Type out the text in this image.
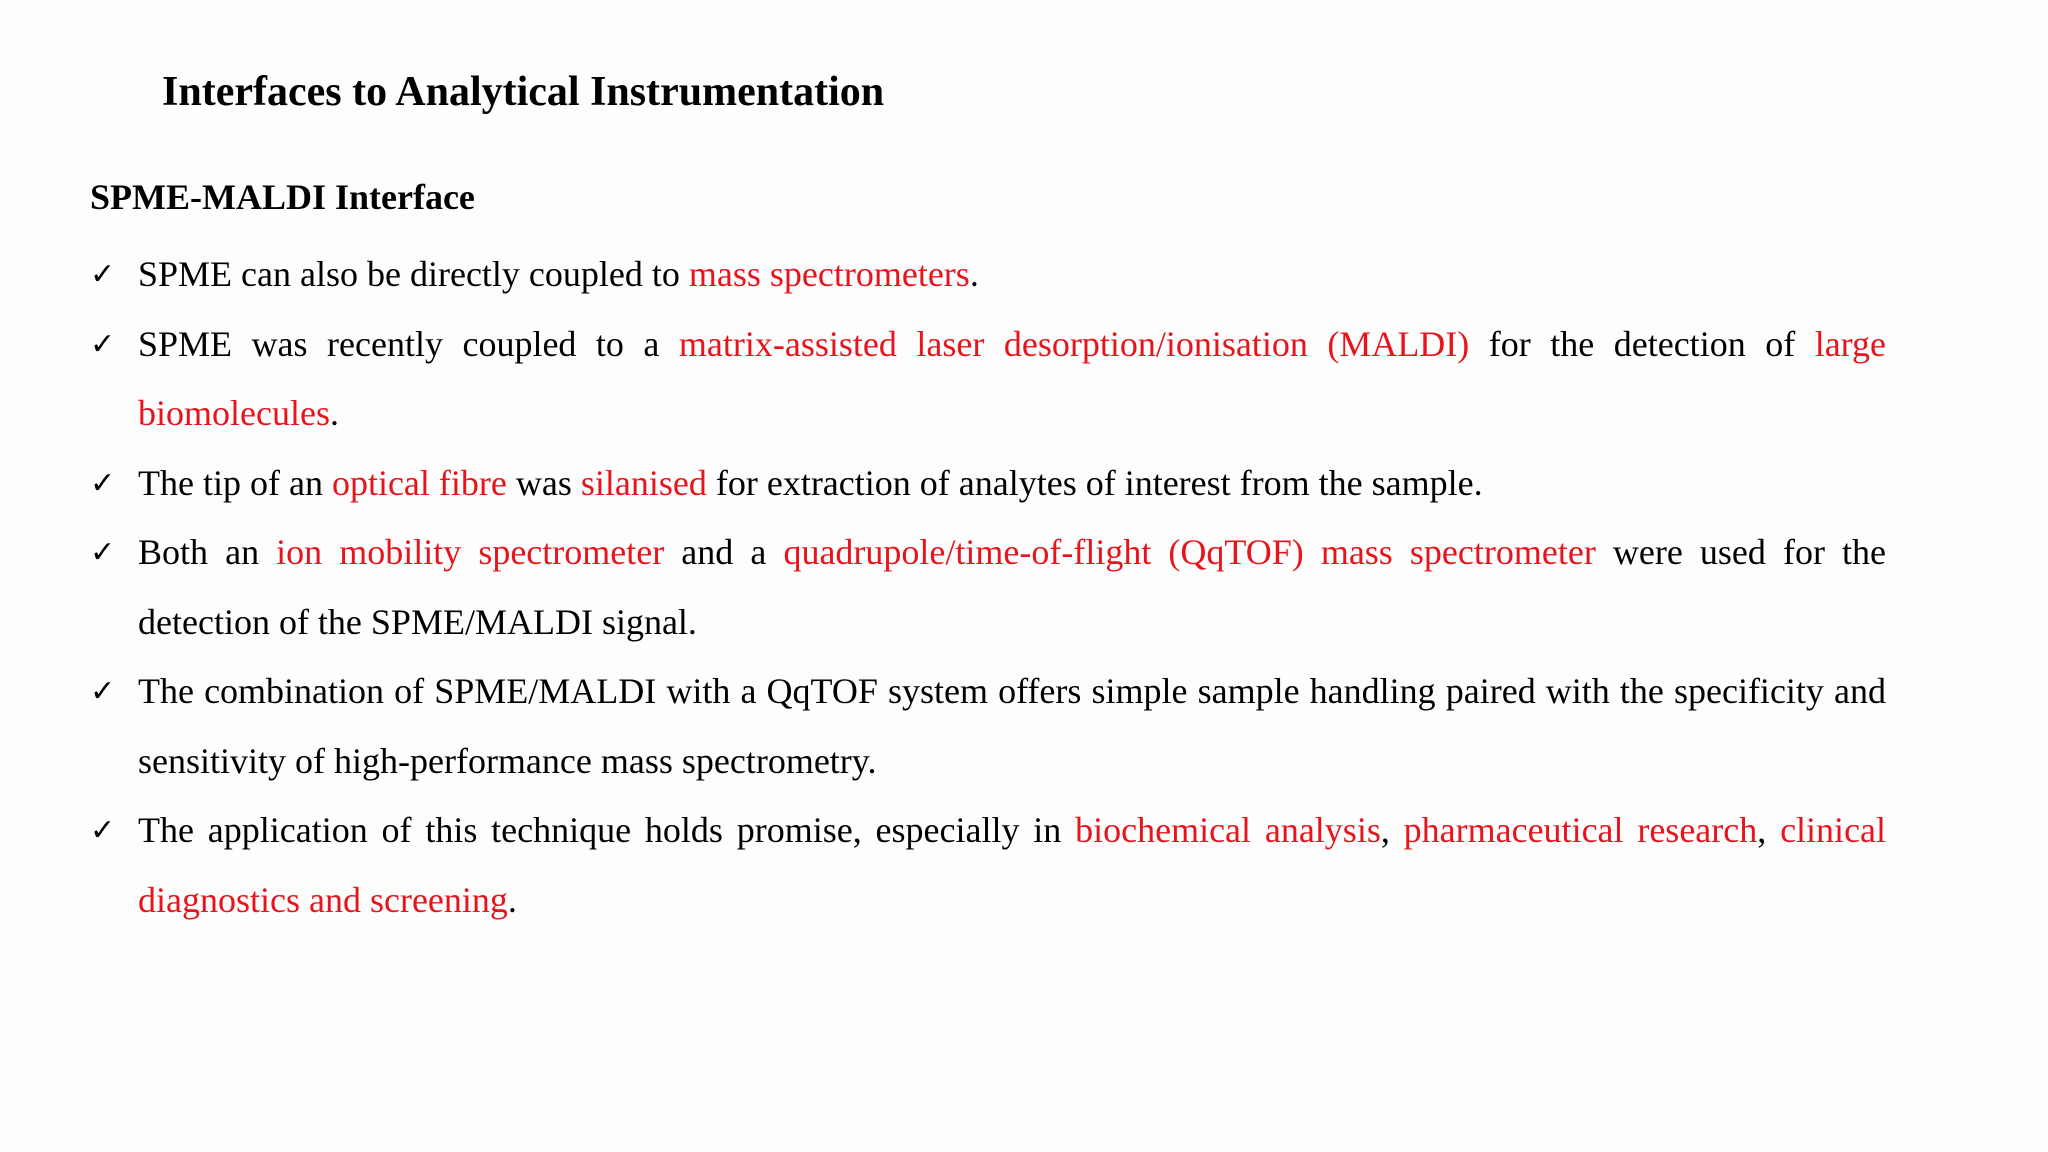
Interfaces to Analytical Instrumentation
SPME-MALDI Interface
✓ SPME can also be directly coupled to mass spectrometers.
✓ SPME was recently coupled to a matrix-assisted laser desorption/ionisation (MALDI) for the detection of large biomolecules.
✓ The tip of an optical fibre was silanised for extraction of analytes of interest from the sample.
✓ Both an ion mobility spectrometer and a quadrupole/time-of-flight (QqTOF) mass spectrometer were used for the detection of the SPME/MALDI signal.
✓ The combination of SPME/MALDI with a QqTOF system offers simple sample handling paired with the specificity and sensitivity of high-performance mass spectrometry.
✓ The application of this technique holds promise, especially in biochemical analysis, pharmaceutical research, clinical diagnostics and screening.
